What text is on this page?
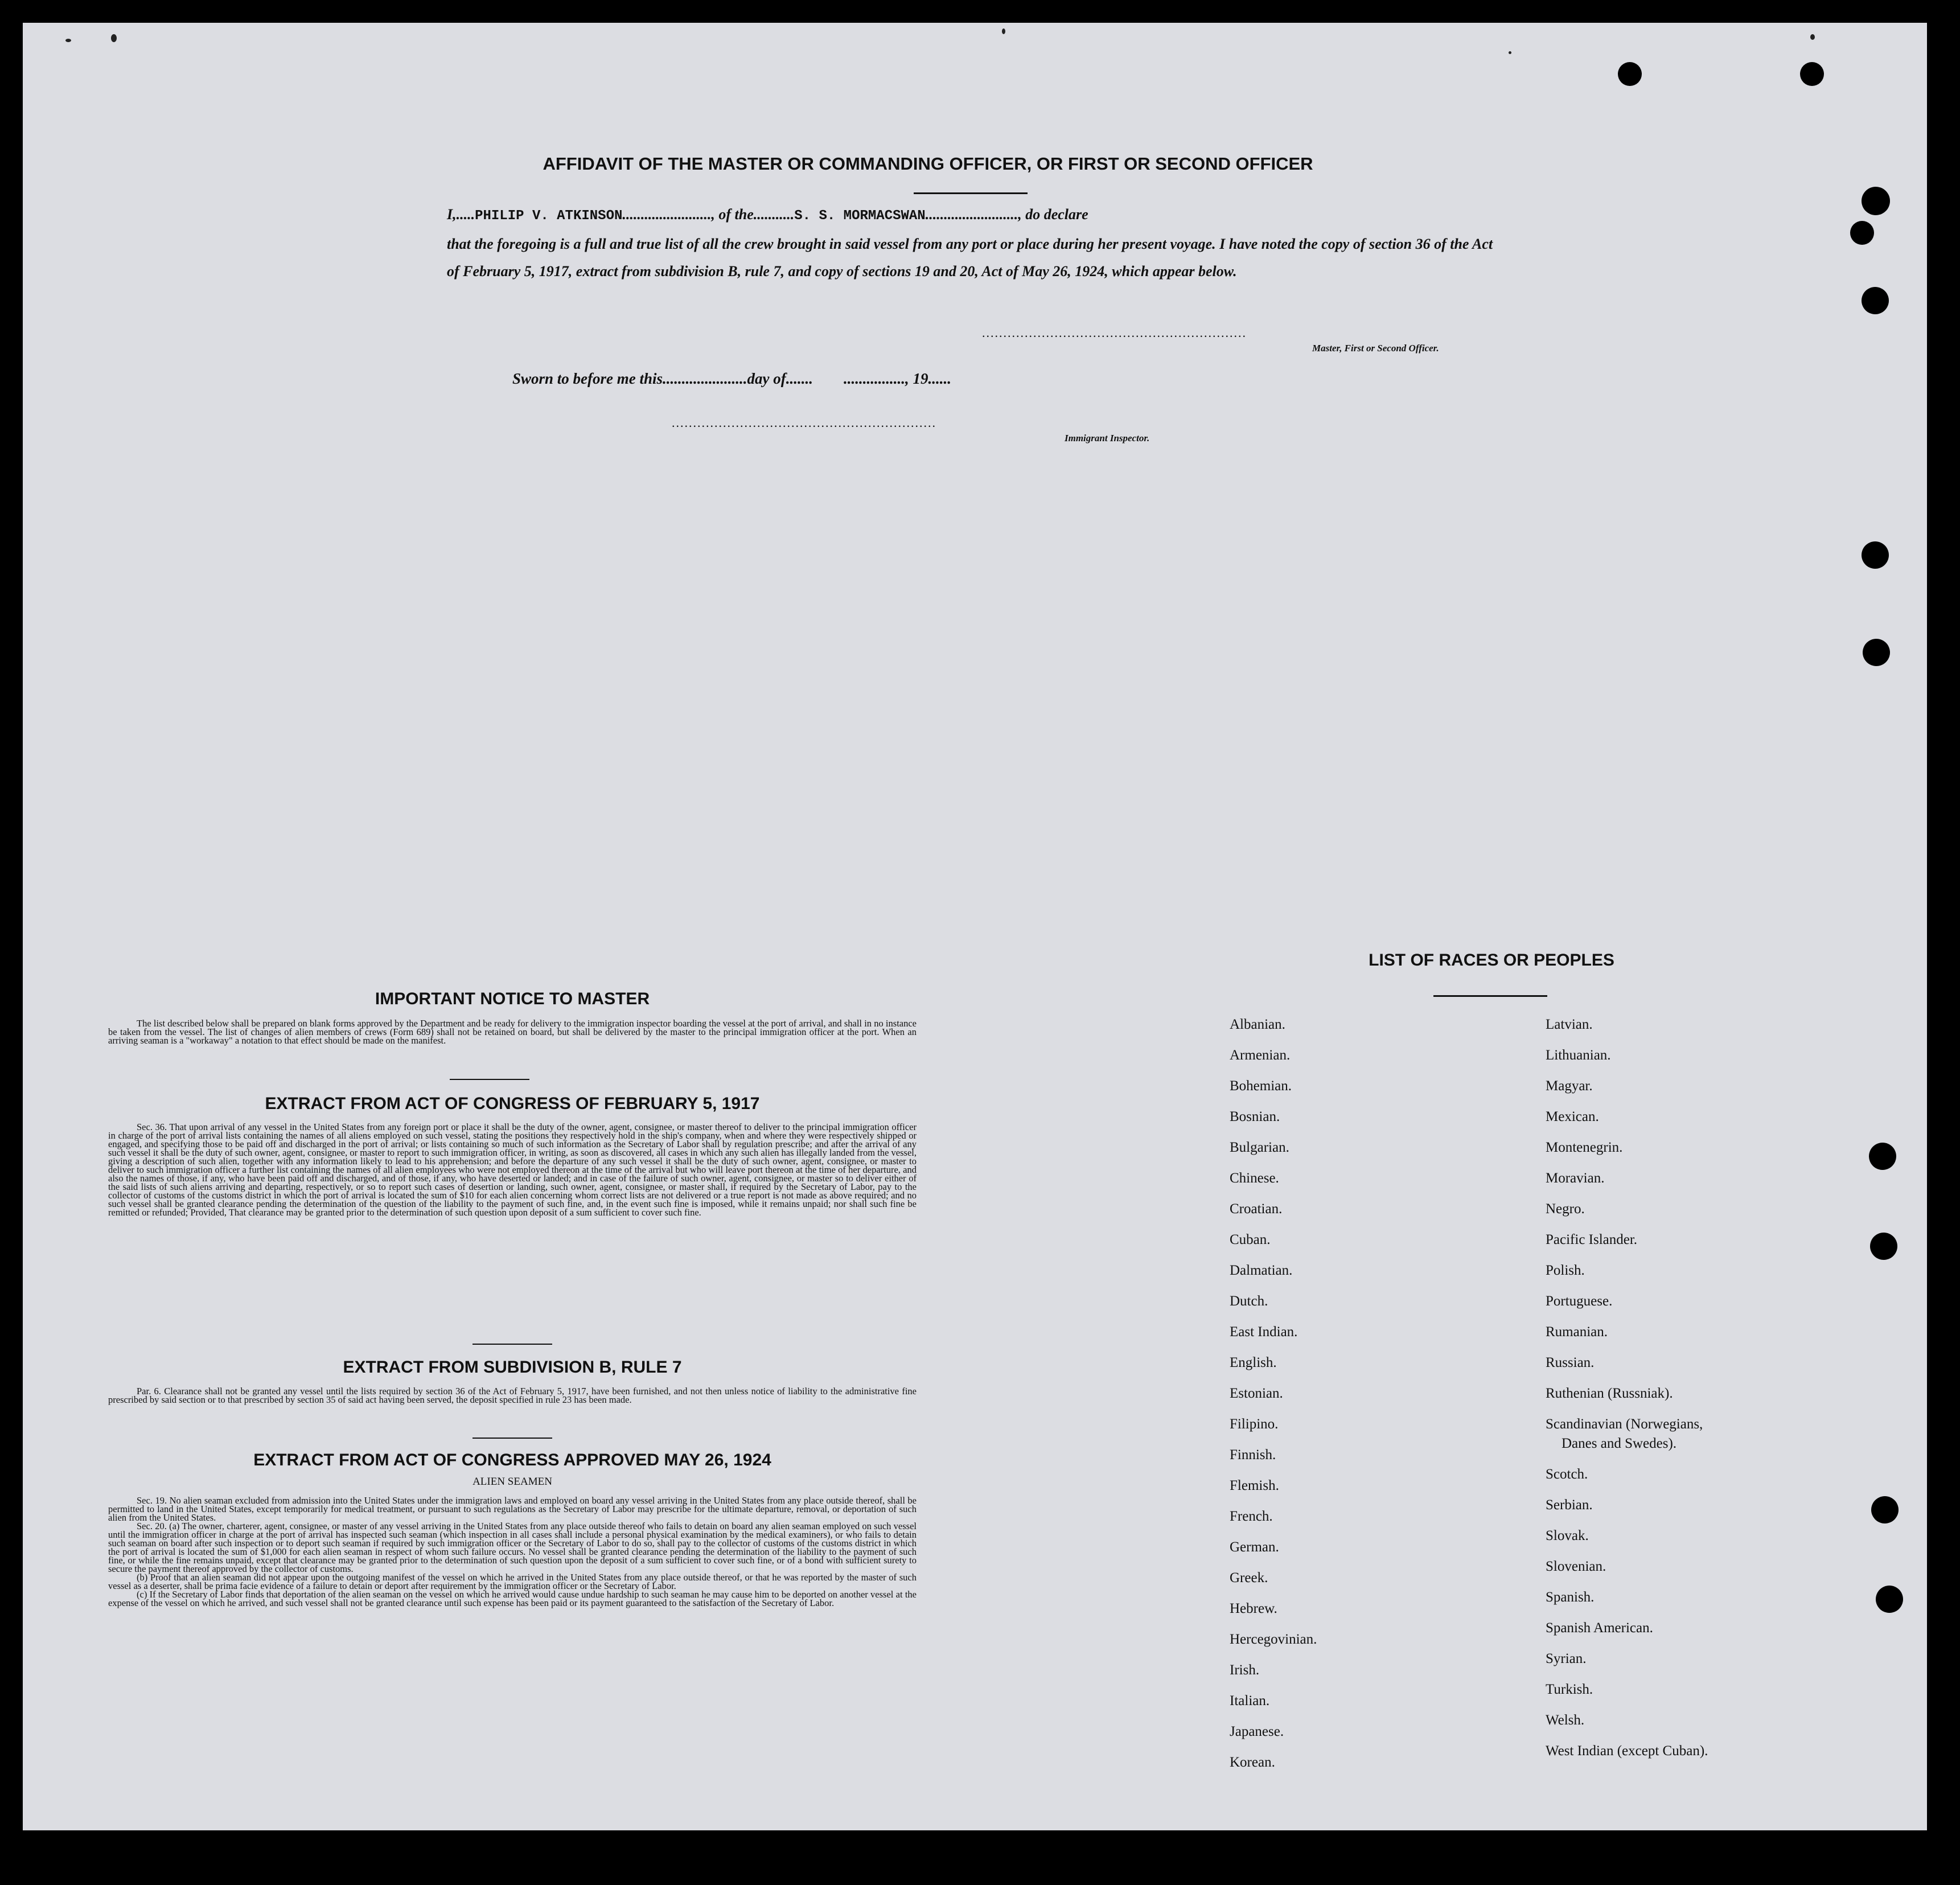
AFFIDAVIT OF THE MASTER OR COMMANDING OFFICER, OR FIRST OR SECOND OFFICER
I,.....PHILIP V. ATKINSON........................, of the...........S. S. MORMACSWAN........................., do declare
that the foregoing is a full and true list of all the crew brought in said vessel from any port or place during her present voyage. I have noted the copy of section 36 of the Act of February 5, 1917, extract from subdivision B, rule 7, and copy of sections 19 and 20, Act of May 26, 1924, which appear below.
..............................................................
Master, First or Second Officer.
Sworn to before me this......................day of.......        ................, 19......
..............................................................
Immigrant Inspector.
IMPORTANT NOTICE TO MASTER

The list described below shall be prepared on blank forms approved by the Department and be ready for delivery to the immigration inspector boarding the vessel at the port of arrival, and shall in no instance be taken from the vessel. The list of changes of alien members of crews (Form 689) shall not be retained on board, but shall be delivered by the master to the principal immigration officer at the port. When an arriving seaman is a "workaway" a notation to that effect should be made on the manifest.

EXTRACT FROM ACT OF CONGRESS OF FEBRUARY 5, 1917

Sec. 36. That upon arrival of any vessel in the United States from any foreign port or place it shall be the duty of the owner, agent, consignee, or master thereof to deliver to the principal immigration officer in charge of the port of arrival lists containing the names of all aliens employed on such vessel, stating the positions they respectively hold in the ship's company, when and where they were respectively shipped or engaged, and specifying those to be paid off and discharged in the port of arrival; or lists containing so much of such information as the Secretary of Labor shall by regulation prescribe; and after the arrival of any such vessel it shall be the duty of such owner, agent, consignee, or master to report to such immigration officer, in writing, as soon as discovered, all cases in which any such alien has illegally landed from the vessel, giving a description of such alien, together with any information likely to lead to his apprehension; and before the departure of any such vessel it shall be the duty of such owner, agent, consignee, or master to deliver to such immigration officer a further list containing the names of all alien employees who were not employed thereon at the time of the arrival but who will leave port thereon at the time of her departure, and also the names of those, if any, who have been paid off and discharged, and of those, if any, who have deserted or landed; and in case of the failure of such owner, agent, consignee, or master so to deliver either of the said lists of such aliens arriving and departing, respectively, or so to report such cases of desertion or landing, such owner, agent, consignee, or master shall, if required by the Secretary of Labor, pay to the collector of customs of the customs district in which the port of arrival is located the sum of $10 for each alien concerning whom correct lists are not delivered or a true report is not made as above required; and no such vessel shall be granted clearance pending the determination of the question of the liability to the payment of such fine, and, in the event such fine is imposed, while it remains unpaid; nor shall such fine be remitted or refunded; Provided, That clearance may be granted prior to the determination of such question upon deposit of a sum sufficient to cover such fine.

EXTRACT FROM SUBDIVISION B, RULE 7

Par. 6. Clearance shall not be granted any vessel until the lists required by section 36 of the Act of February 5, 1917, have been furnished, and not then unless notice of liability to the administrative fine prescribed by said section or to that prescribed by section 35 of said act having been served, the deposit specified in rule 23 has been made.

EXTRACT FROM ACT OF CONGRESS APPROVED MAY 26, 1924
ALIEN SEAMEN

Sec. 19. No alien seaman excluded from admission into the United States under the immigration laws and employed on board any vessel arriving in the United States from any place outside thereof, shall be permitted to land in the United States, except temporarily for medical treatment, or pursuant to such regulations as the Secretary of Labor may prescribe for the ultimate departure, removal, or deportation of such alien from the United States.

Sec. 20. (a) The owner, charterer, agent, consignee, or master of any vessel arriving in the United States from any place outside thereof who fails to detain on board any alien seaman employed on such vessel until the immigration officer in charge at the port of arrival has inspected such seaman (which inspection in all cases shall include a personal physical examination by the medical examiners), or who fails to detain such seaman on board after such inspection or to deport such seaman if required by such immigration officer or the Secretary of Labor to do so, shall pay to the collector of customs of the customs district in which the port of arrival is located the sum of $1,000 for each alien seaman in respect of whom such failure occurs. No vessel shall be granted clearance pending the determination of the liability to the payment of such fine, or while the fine remains unpaid, except that clearance may be granted prior to the determination of such question upon the deposit of a sum sufficient to cover such fine, or of a bond with sufficient surety to secure the payment thereof approved by the collector of customs.

(b) Proof that an alien seaman did not appear upon the outgoing manifest of the vessel on which he arrived in the United States from any place outside thereof, or that he was reported by the master of such vessel as a deserter, shall be prima facie evidence of a failure to detain or deport after requirement by the immigration officer or the Secretary of Labor.

(c) If the Secretary of Labor finds that deportation of the alien seaman on the vessel on which he arrived would cause undue hardship to such seaman he may cause him to be deported on another vessel at the expense of the vessel on which he arrived, and such vessel shall not be granted clearance until such expense has been paid or its payment guaranteed to the satisfaction of the Secretary of Labor.

LIST OF RACES OR PEOPLES
Albanian.
Armenian.
Bohemian.
Bosnian.
Bulgarian.
Chinese.
Croatian.
Cuban.
Dalmatian.
Dutch.
East Indian.
English.
Estonian.
Filipino.
Finnish.
Flemish.
French.
German.
Greek.
Hebrew.
Hercegovinian.
Irish.
Italian.
Japanese.
Korean.
Latvian.
Lithuanian.
Magyar.
Mexican.
Montenegrin.
Moravian.
Negro.
Pacific Islander.
Polish.
Portuguese.
Rumanian.
Russian.
Ruthenian (Russniak).
Scandinavian (Norwegians,
Danes and Swedes).
Scotch.
Serbian.
Slovak.
Slovenian.
Spanish.
Spanish American.
Syrian.
Turkish.
Welsh.
West Indian (except Cuban).
